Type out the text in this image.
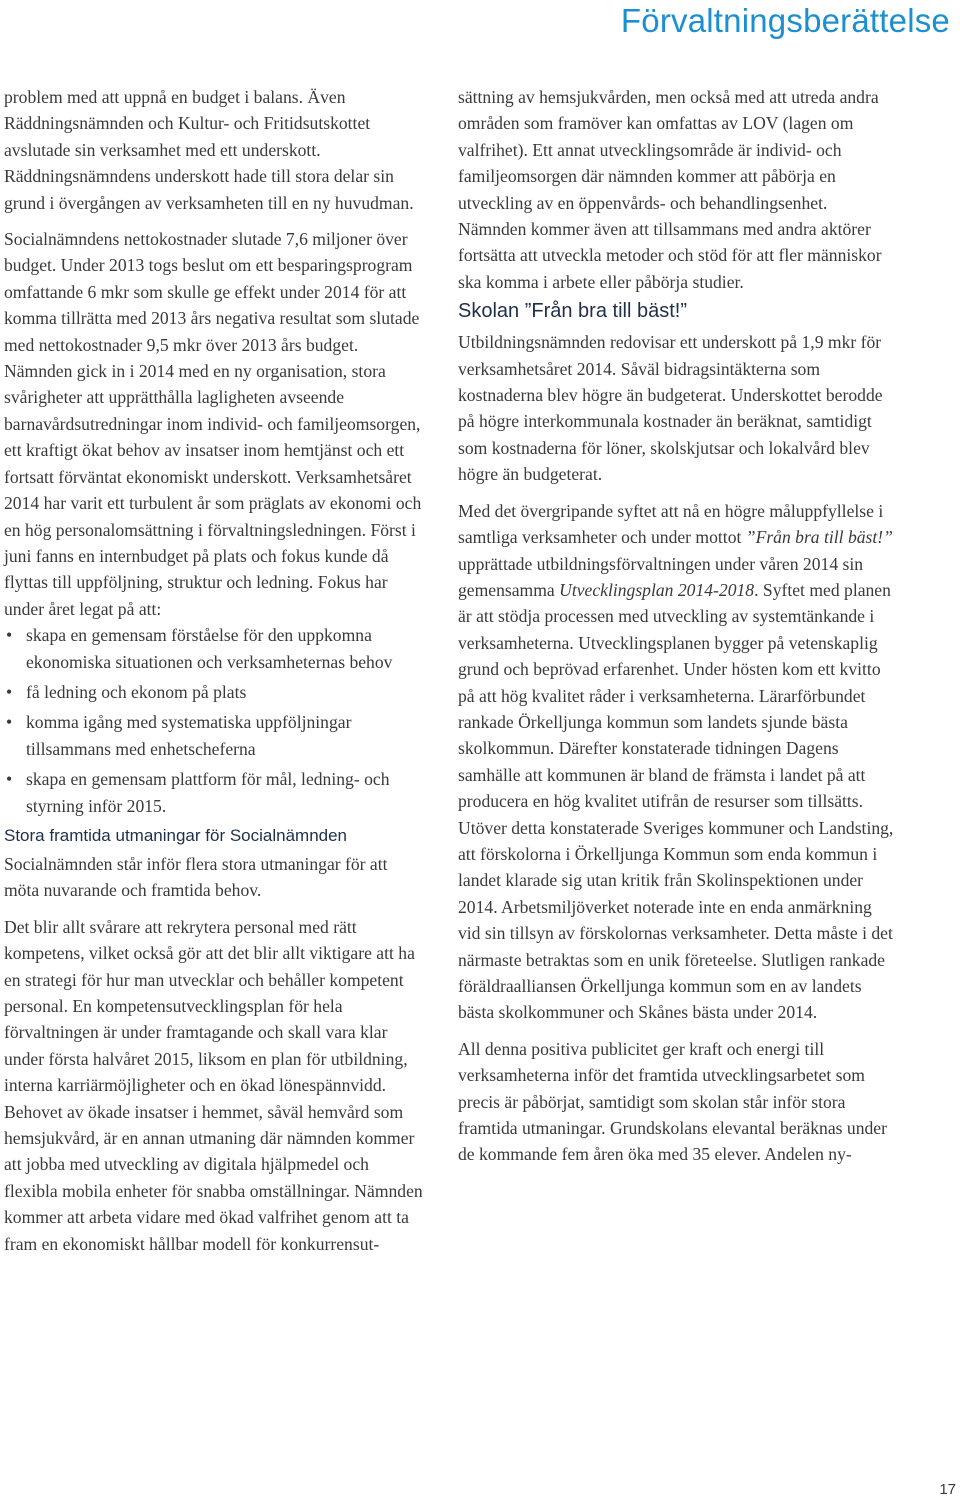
Förvaltningsberättelse

problem med att uppnå en budget i balans. Även Räddningsnämnden och Kultur- och Fritidsutskottet avslutade sin verksamhet med ett underskott. Räddningsnämndens underskott hade till stora delar sin grund i övergången av verksamheten till en ny huvudman.

Socialnämndens nettokostnader slutade 7,6 miljoner över budget. Under 2013 togs beslut om ett besparingsprogram omfattande 6 mkr som skulle ge effekt under 2014 för att komma tillrätta med 2013 års negativa resultat som slutade med nettokostnader 9,5 mkr över 2013 års budget. Nämnden gick in i 2014 med en ny organisation, stora svårigheter att upprätthålla lagligheten avseende barnavårdsutredningar inom individ- och familjeomsorgen, ett kraftigt ökat behov av insatser inom hemtjänst och ett fortsatt förväntat ekonomiskt underskott. Verksamhetsåret 2014 har varit ett turbulent år som präglats av ekonomi och en hög personalomsättning i förvaltningsledningen. Först i juni fanns en internbudget på plats och fokus kunde då flyttas till uppföljning, struktur och ledning. Fokus har under året legat på att:

• skapa en gemensam förståelse för den uppkomna ekonomiska situationen och verksamheternas behov
• få ledning och ekonom på plats
• komma igång med systematiska uppföljningar tillsammans med enhetscheferna
• skapa en gemensam plattform för mål, ledning- och styrning inför 2015.
Stora framtida utmaningar för Socialnämnden

Socialnämnden står inför flera stora utmaningar för att möta nuvarande och framtida behov.

Det blir allt svårare att rekrytera personal med rätt kompetens, vilket också gör att det blir allt viktigare att ha en strategi för hur man utvecklar och behåller kompetent personal. En kompetensutvecklingsplan för hela förvaltningen är under framtagande och skall vara klar under första halvåret 2015, liksom en plan för utbildning, interna karriärmöjligheter och en ökad lönespännvidd. Behovet av ökade insatser i hemmet, såväl hemvård som hemsjukvård, är en annan utmaning där nämnden kommer att jobba med utveckling av digitala hjälpmedel och flexibla mobila enheter för snabba omställningar. Nämnden kommer att arbeta vidare med ökad valfrihet genom att ta fram en ekonomiskt hållbar modell för konkurrensut-

sättning av hemsjukvården, men också med att utreda andra områden som framöver kan omfattas av LOV (lagen om valfrihet). Ett annat utvecklingsområde är individ- och familjeomsorgen där nämnden kommer att påbörja en utveckling av en öppenvårds- och behandlingsenhet. Nämnden kommer även att tillsammans med andra aktörer fortsätta att utveckla metoder och stöd för att fler människor ska komma i arbete eller påbörja studier.

Skolan ”Från bra till bäst!”

Utbildningsnämnden redovisar ett underskott på 1,9 mkr för verksamhetsåret 2014. Såväl bidragsintäkterna som kostnaderna blev högre än budgeterat. Underskottet berodde på högre interkommunala kostnader än beräknat, samtidigt som kostnaderna för löner, skolskjutsar och lokalvård blev högre än budgeterat.

Med det övergripande syftet att nå en högre måluppfyllelse i samtliga verksamheter och under mottot ”Från bra till bäst!” upprättade utbildningsförvaltningen under våren 2014 sin gemensamma Utvecklingsplan 2014-2018. Syftet med planen är att stödja processen med utveckling av systemtänkande i verksamheterna. Utvecklingsplanen bygger på vetenskaplig grund och beprövad erfarenhet. Under hösten kom ett kvitto på att hög kvalitet råder i verksamheterna. Lärarförbundet rankade Örkelljunga kommun som landets sjunde bästa skolkommun. Därefter konstaterade tidningen Dagens samhälle att kommunen är bland de främsta i landet på att producera en hög kvalitet utifrån de resurser som tillsätts. Utöver detta konstaterade Sveriges kommuner och Landsting, att förskolorna i Örkelljunga Kommun som enda kommun i landet klarade sig utan kritik från Skolinspektionen under 2014. Arbetsmiljöverket noterade inte en enda anmärkning vid sin tillsyn av förskolornas verksamheter. Detta måste i det närmaste betraktas som en unik företeelse. Slutligen rankade föräldraalliansen Örkelljunga kommun som en av landets bästa skolkommuner och Skånes bästa under 2014.

All denna positiva publicitet ger kraft och energi till verksamheterna inför det framtida utvecklingsarbetet som precis är påbörjat, samtidigt som skolan står inför stora framtida utmaningar. Grundskolans elevantal beräknas under de kommande fem åren öka med 35 elever. Andelen ny-

17
